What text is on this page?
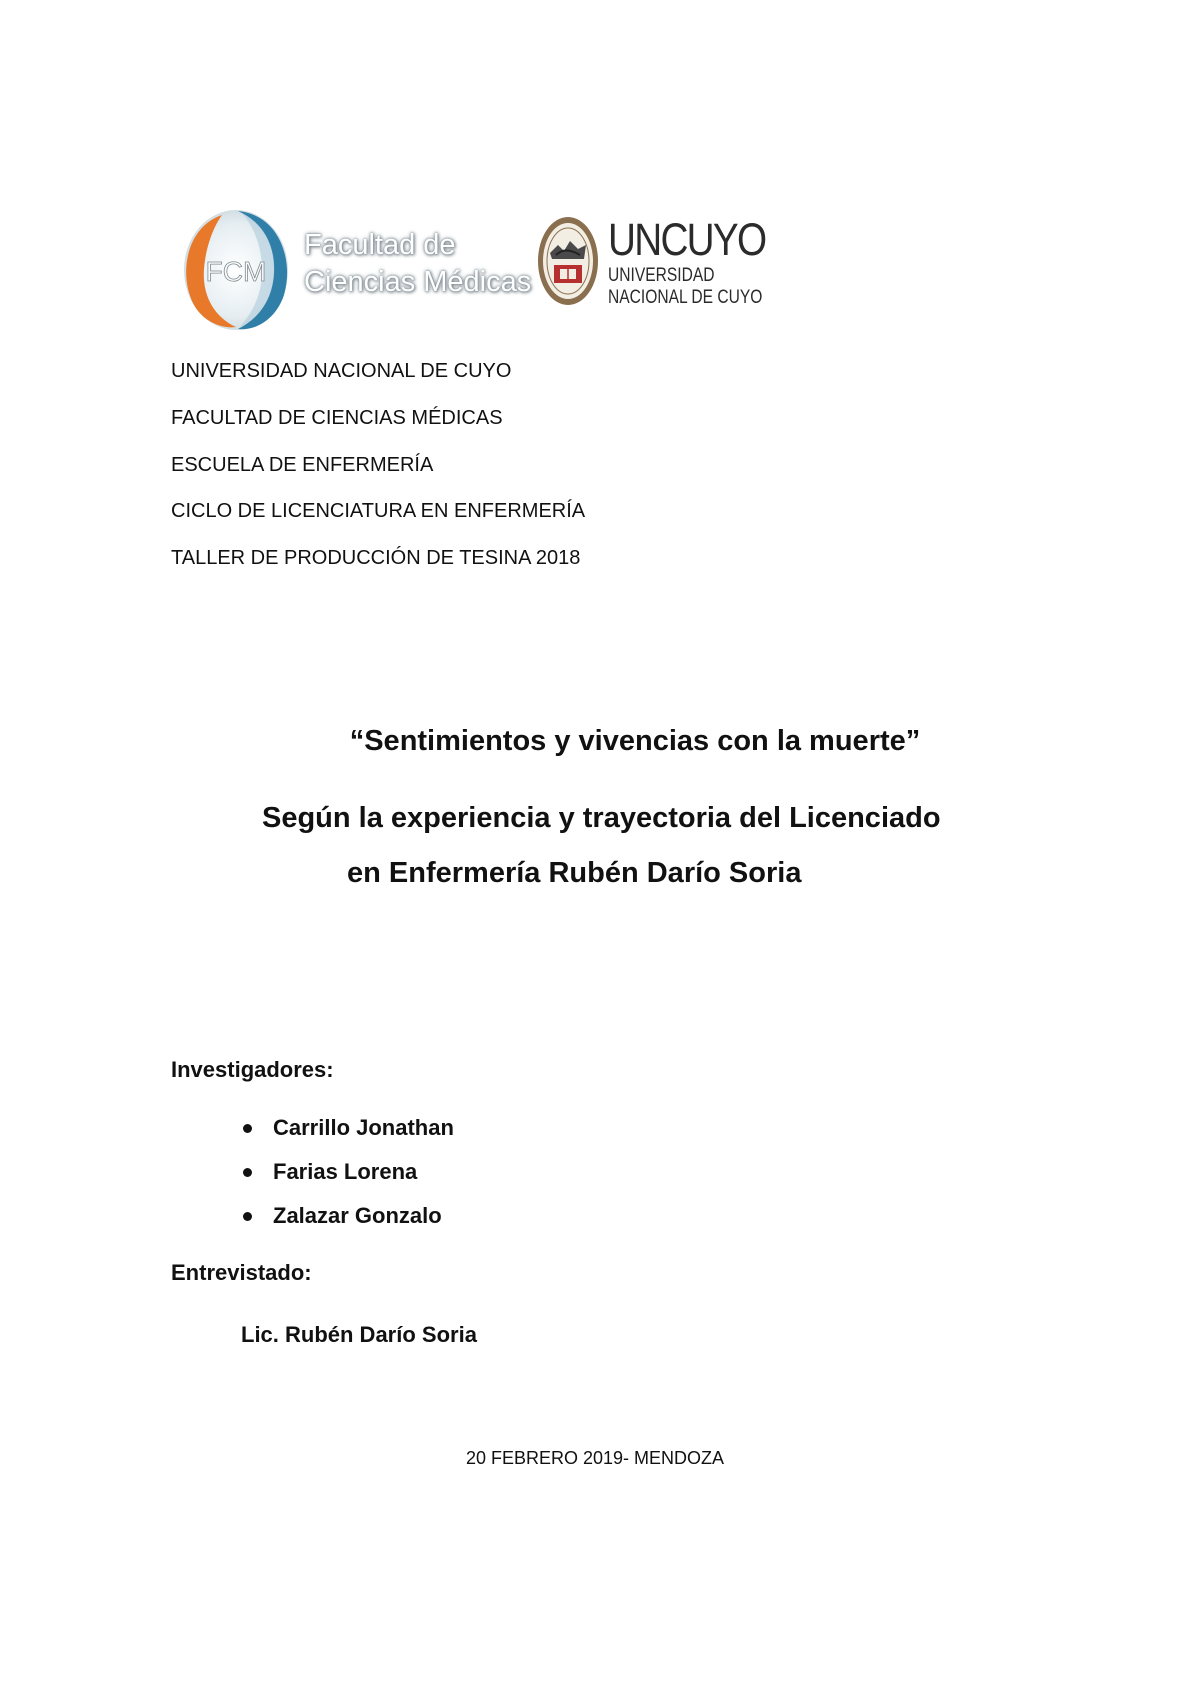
FCM
Facultad de
Ciencias Médicas
UNCUYO
UNIVERSIDAD
NACIONAL DE CUYO
UNIVERSIDAD NACIONAL DE CUYO
FACULTAD DE CIENCIAS MÉDICAS
ESCUELA DE ENFERMERÍA
CICLO DE LICENCIATURA EN ENFERMERÍA
TALLER DE PRODUCCIÓN DE TESINA 2018
“Sentimientos y vivencias con la muerte”
Según la experiencia y trayectoria del Licenciado
en Enfermería Rubén Darío Soria
Investigadores:
Carrillo Jonathan
Farias Lorena
Zalazar Gonzalo
Entrevistado:
Lic. Rubén Darío Soria
20 FEBRERO 2019- MENDOZA
